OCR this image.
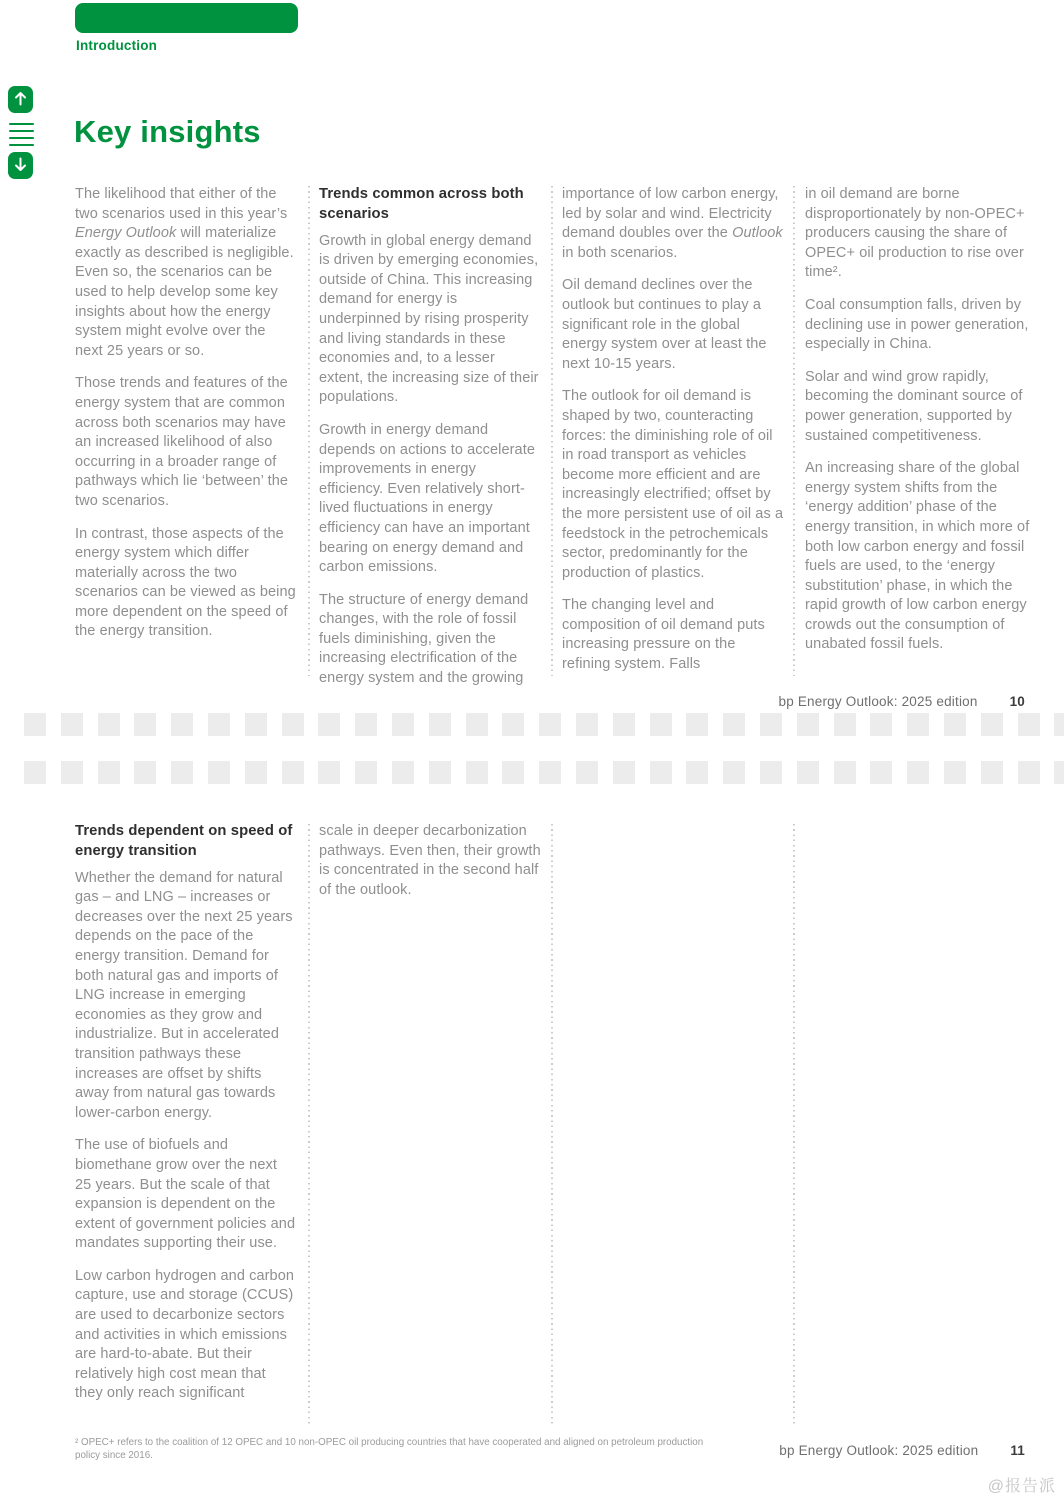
Introduction
Key insights

The likelihood that either of the two scenarios used in this year’s Energy Outlook will materialize exactly as described is negligible. Even so, the scenarios can be used to help develop some key insights about how the energy system might evolve over the next 25 years or so.

Those trends and features of the energy system that are common across both scenarios may have an increased likelihood of also occurring in a broader range of pathways which lie ‘between’ the two scenarios.

In contrast, those aspects of the energy system which differ materially across the two scenarios can be viewed as being more dependent on the speed of the energy transition.

Trends common across both scenarios

Growth in global energy demand is driven by emerging economies, outside of China. This increasing demand for energy is underpinned by rising prosperity and living standards in these economies and, to a lesser extent, the increasing size of their populations.

Growth in energy demand depends on actions to accelerate improvements in energy efficiency. Even relatively short-lived fluctuations in energy efficiency can have an important bearing on energy demand and carbon emissions.

The structure of energy demand changes, with the role of fossil fuels diminishing, given the increasing electrification of the energy system and the growing

importance of low carbon energy, led by solar and wind. Electricity demand doubles over the Outlook in both scenarios.

Oil demand declines over the outlook but continues to play a significant role in the global energy system over at least the next 10-15 years.

The outlook for oil demand is shaped by two, counteracting forces: the diminishing role of oil in road transport as vehicles become more efficient and are increasingly electrified; offset by the more persistent use of oil as a feedstock in the petrochemicals sector, predominantly for the production of plastics.

The changing level and composition of oil demand puts increasing pressure on the refining system. Falls

in oil demand are borne disproportionately by non-OPEC+ producers causing the share of OPEC+ oil production to rise over time².

Coal consumption falls, driven by declining use in power generation, especially in China.

Solar and wind grow rapidly, becoming the dominant source of power generation, supported by sustained competitiveness.

An increasing share of the global energy system shifts from the ‘energy addition’ phase of the energy transition, in which more of both low carbon energy and fossil fuels are used, to the ‘energy substitution’ phase, in which the rapid growth of low carbon energy crowds out the consumption of unabated fossil fuels.

bp Energy Outlook: 2025 edition 10
Trends dependent on speed of energy transition

Whether the demand for natural gas – and LNG – increases or decreases over the next 25 years depends on the pace of the energy transition. Demand for both natural gas and imports of LNG increase in emerging economies as they grow and industrialize. But in accelerated transition pathways these increases are offset by shifts away from natural gas towards lower-carbon energy.

The use of biofuels and biomethane grow over the next 25 years. But the scale of that expansion is dependent on the extent of government policies and mandates supporting their use.

Low carbon hydrogen and carbon capture, use and storage (CCUS) are used to decarbonize sectors and activities in which emissions are hard-to-abate. But their relatively high cost mean that they only reach significant

scale in deeper decarbonization pathways. Even then, their growth is concentrated in the second half of the outlook.

² OPEC+ refers to the coalition of 12 OPEC and 10 non-OPEC oil producing countries that have cooperated and aligned on petroleum production policy since 2016.	bp Energy Outlook: 2025 edition 11
@报告派
